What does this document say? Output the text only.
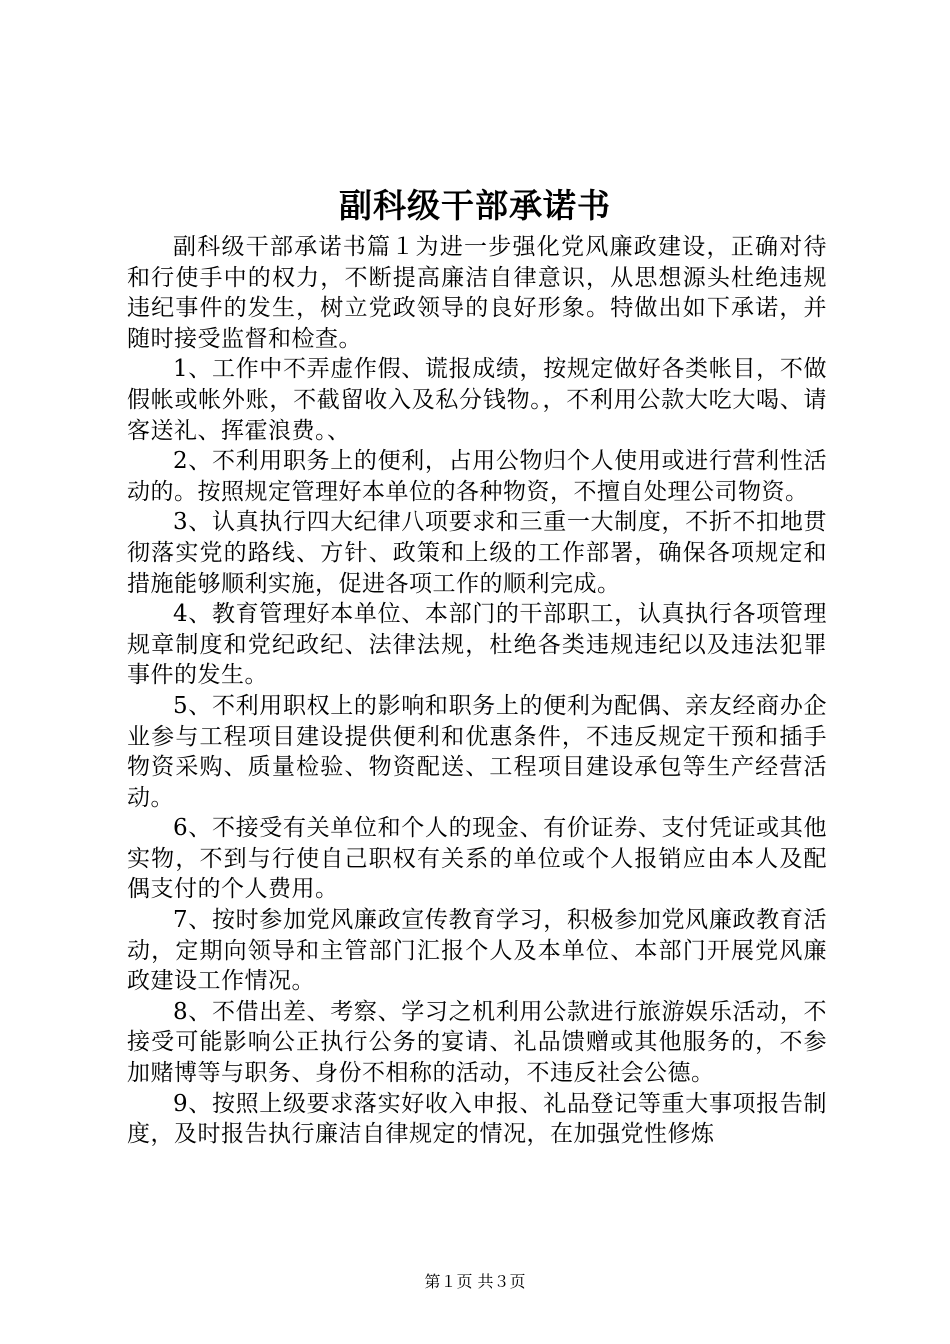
副科级干部承诺书

副科级干部承诺书篇１为进一步强化党风廉政建设，正确对待和行使手中的权力，不断提高廉洁自律意识，从思想源头杜绝违规违纪事件的发生，树立党政领导的良好形象。特做出如下承诺，并随时接受监督和检查。

1、工作中不弄虚作假、谎报成绩，按规定做好各类帐目，不做假帐或帐外账，不截留收入及私分钱物。，不利用公款大吃大喝、请客送礼、挥霍浪费。、

2、不利用职务上的便利，占用公物归个人使用或进行营利性活动的。按照规定管理好本单位的各种物资，不擅自处理公司物资。

3、认真执行四大纪律八项要求和三重一大制度，不折不扣地贯彻落实党的路线、方针、政策和上级的工作部署，确保各项规定和措施能够顺利实施，促进各项工作的顺利完成。

4、教育管理好本单位、本部门的干部职工，认真执行各项管理规章制度和党纪政纪、法律法规，杜绝各类违规违纪以及违法犯罪事件的发生。

5、不利用职权上的影响和职务上的便利为配偶、亲友经商办企业参与工程项目建设提供便利和优惠条件，不违反规定干预和插手物资采购、质量检验、物资配送、工程项目建设承包等生产经营活动。

6、不接受有关单位和个人的现金、有价证券、支付凭证或其他实物，不到与行使自己职权有关系的单位或个人报销应由本人及配偶支付的个人费用。

7、按时参加党风廉政宣传教育学习，积极参加党风廉政教育活动，定期向领导和主管部门汇报个人及本单位、本部门开展党风廉政建设工作情况。

8、不借出差、考察、学习之机利用公款进行旅游娱乐活动，不接受可能影响公正执行公务的宴请、礼品馈赠或其他服务的，不参加赌博等与职务、身份不相称的活动，不违反社会公德。

9、按照上级要求落实好收入申报、礼品登记等重大事项报告制度，及时报告执行廉洁自律规定的情况，在加强党性修炼

第１页 共３页
